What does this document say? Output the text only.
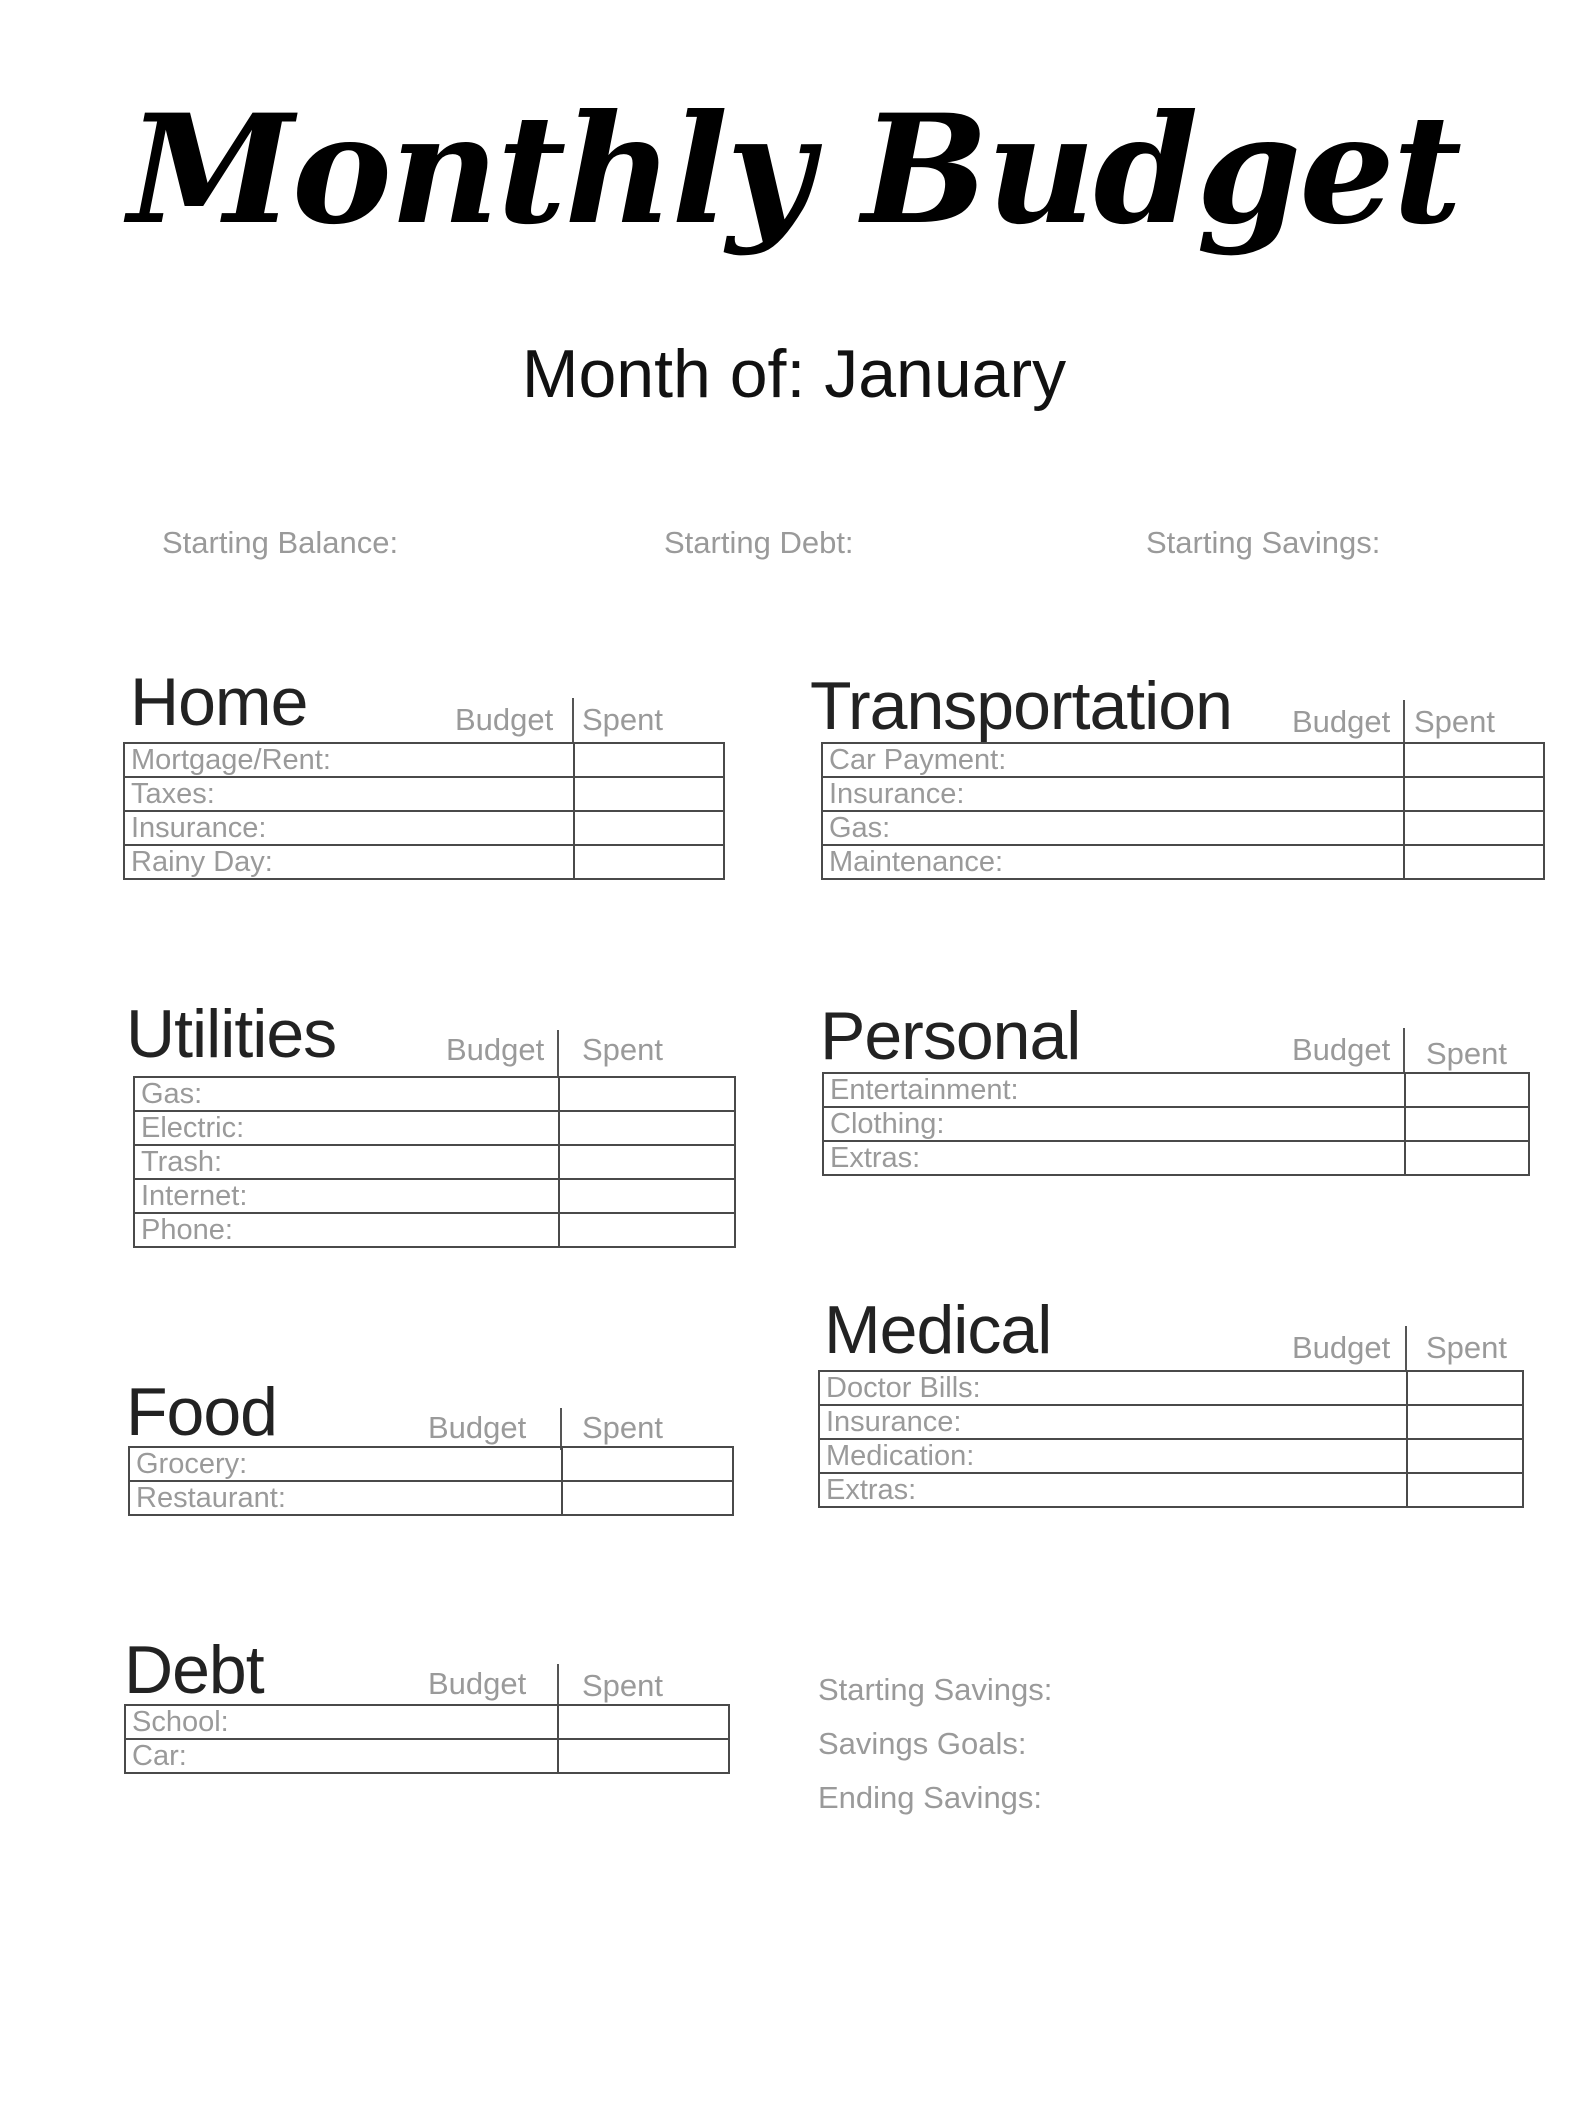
Monthly Budget
Month of: January
Starting Balance:	Starting Debt:	Starting Savings:
Home	Budget Spent
Mortgage/Rent:	
Taxes:	
Insurance:	
Rainy Day:	
Transportation Budget Spent
Car Payment:	
Insurance:	
Gas:	
Maintenance:	
Utilities	Budget Spent
Gas:	
Electric:	
Trash:	
Internet:	
Phone:	
Personal	Budget Spent
Entertainment:	
Clothing:	
Extras:	
Medical	Budget Spent
Doctor Bills:	
Insurance:	
Medication:	
Extras:	
Food	Budget Spent
Grocery:	
Restaurant:	
Debt	Budget Spent
School:	
Car:	
Starting Savings:
Savings Goals:
Ending Savings:
